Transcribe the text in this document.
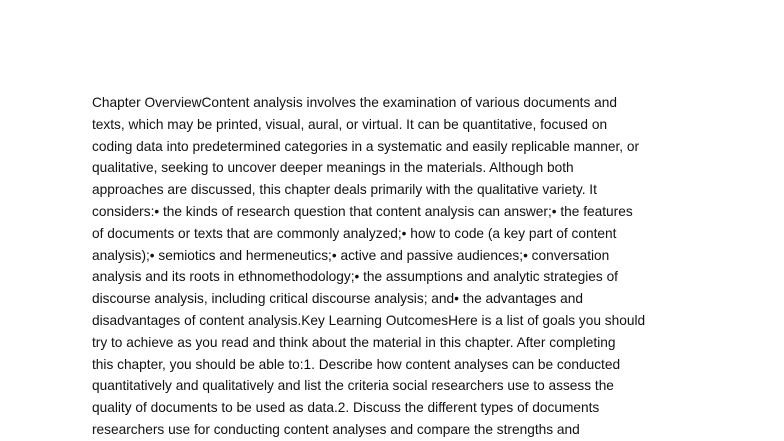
Chapter OverviewContent analysis involves the examination of various documents and
texts, which may be printed, visual, aural, or virtual. It can be quantitative, focused on
coding data into predetermined categories in a systematic and easily replicable manner, or
qualitative, seeking to uncover deeper meanings in the materials. Although both
approaches are discussed, this chapter deals primarily with the qualitative variety. It
considers:• the kinds of research question that content analysis can answer;• the features
of documents or texts that are commonly analyzed;• how to code (a key part of content
analysis);• semiotics and hermeneutics;• active and passive audiences;• conversation
analysis and its roots in ethnomethodology;• the assumptions and analytic strategies of
discourse analysis, including critical discourse analysis; and• the advantages and
disadvantages of content analysis.Key Learning OutcomesHere is a list of goals you should
try to achieve as you read and think about the material in this chapter. After completing
this chapter, you should be able to:1. Describe how content analyses can be conducted
quantitatively and qualitatively and list the criteria social researchers use to assess the
quality of documents to be used as data.2. Discuss the different types of documents
researchers use for conducting content analyses and compare the strengths and
